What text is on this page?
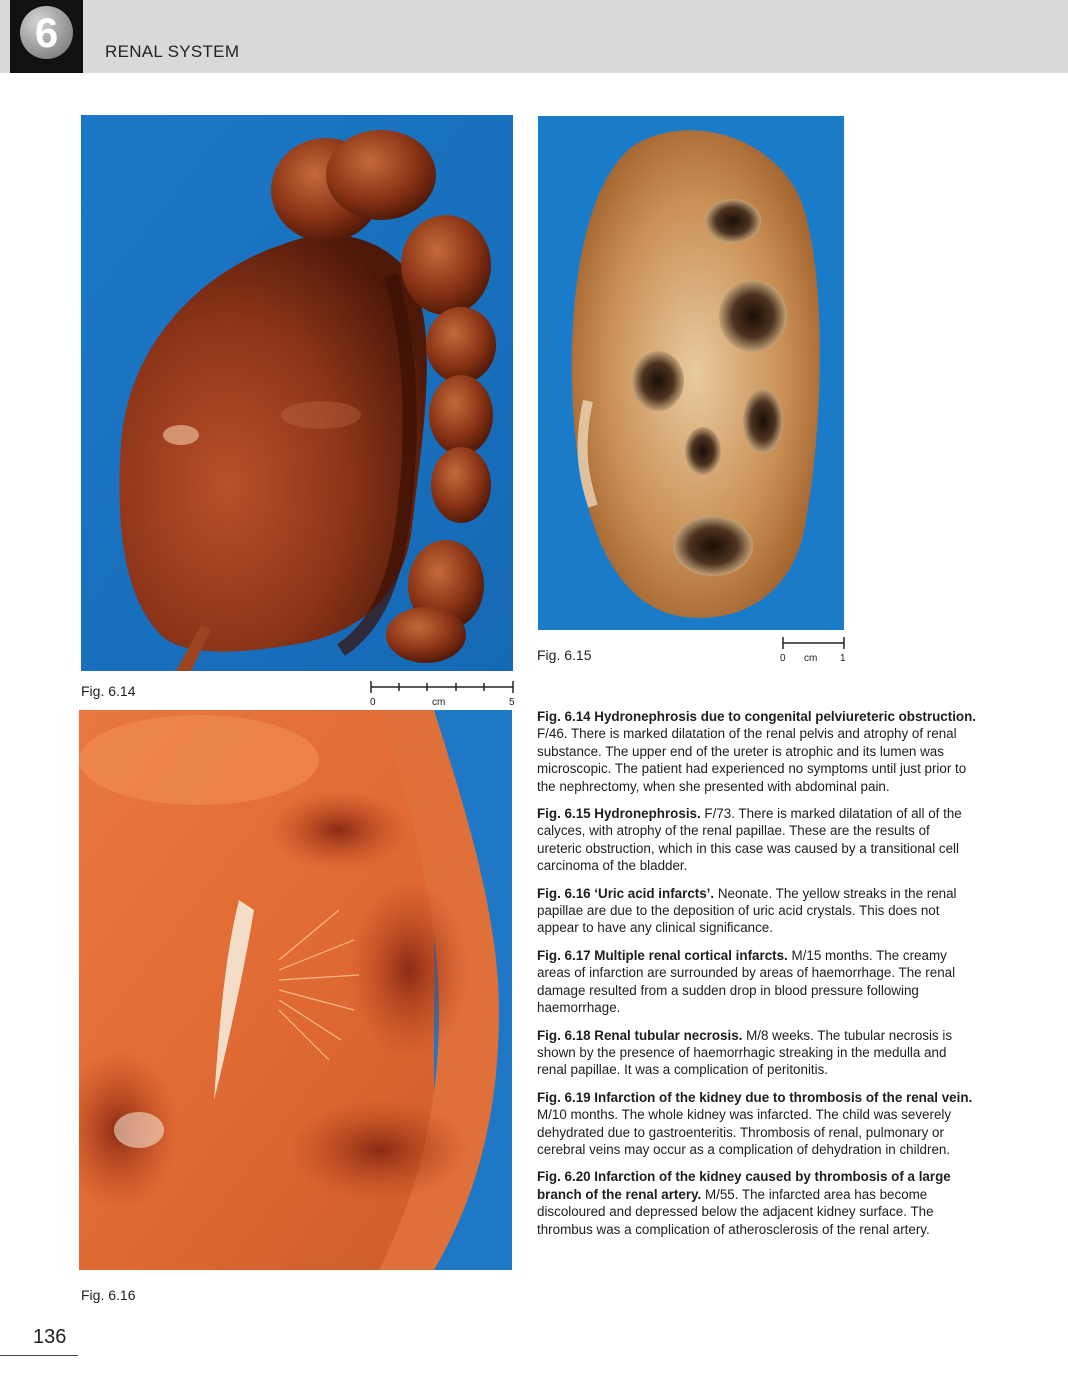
6	RENAL SYSTEM
Fig. 6.14
0	cm	5
Fig. 6.15	0 cm 1
Fig. 6.16

Fig. 6.14 Hydronephrosis due to congenital pelviureteric obstruction. F/46. There is marked dilatation of the renal pelvis and atrophy of renal substance. The upper end of the ureter is atrophic and its lumen was microscopic. The patient had experienced no symptoms until just prior to the nephrectomy, when she presented with abdominal pain.

Fig. 6.15 Hydronephrosis. F/73. There is marked dilatation of all of the calyces, with atrophy of the renal papillae. These are the results of ureteric obstruction, which in this case was caused by a transitional cell carcinoma of the bladder.

Fig. 6.16 ‘Uric acid infarcts’. Neonate. The yellow streaks in the renal papillae are due to the deposition of uric acid crystals. This does not appear to have any clinical significance.

Fig. 6.17 Multiple renal cortical infarcts. M/15 months. The creamy areas of infarction are surrounded by areas of haemorrhage. The renal damage resulted from a sudden drop in blood pressure following haemorrhage.

Fig. 6.18 Renal tubular necrosis. M/8 weeks. The tubular necrosis is shown by the presence of haemorrhagic streaking in the medulla and renal papillae. It was a complication of peritonitis.

Fig. 6.19 Infarction of the kidney due to thrombosis of the renal vein. M/10 months. The whole kidney was infarcted. The child was severely dehydrated due to gastroenteritis. Thrombosis of renal, pulmonary or cerebral veins may occur as a complication of dehydration in children.

Fig. 6.20 Infarction of the kidney caused by thrombosis of a large branch of the renal artery. M/55. The infarcted area has become discoloured and depressed below the adjacent kidney surface. The thrombus was a complication of atherosclerosis of the renal artery.

136
